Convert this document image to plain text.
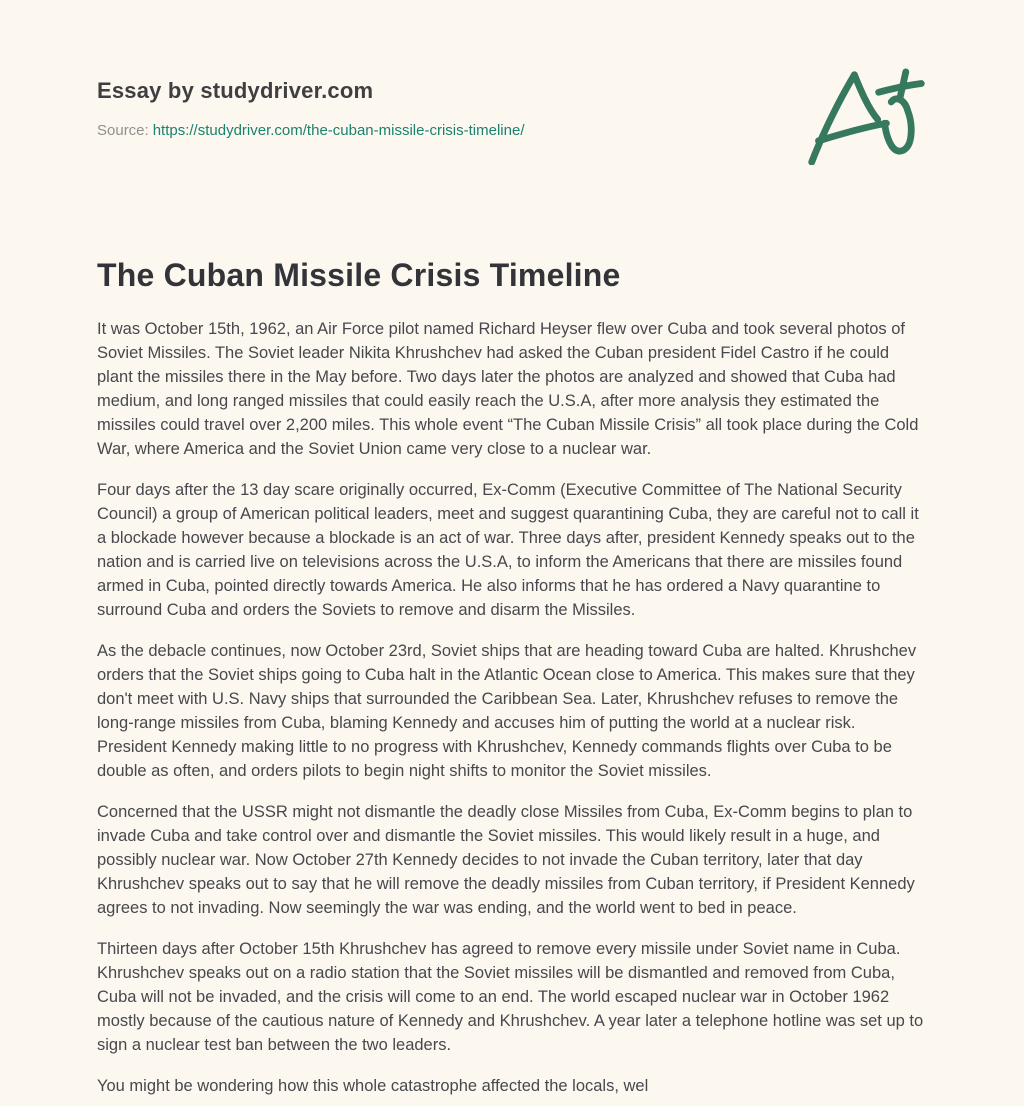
Essay by studydriver.com
Source: https://studydriver.com/the-cuban-missile-crisis-timeline/
The Cuban Missile Crisis Timeline

It was October 15th, 1962, an Air Force pilot named Richard Heyser flew over Cuba and took several photos of Soviet Missiles. The Soviet leader Nikita Khrushchev had asked the Cuban president Fidel Castro if he could plant the missiles there in the May before. Two days later the photos are analyzed and showed that Cuba had medium, and long ranged missiles that could easily reach the U.S.A, after more analysis they estimated the missiles could travel over 2,200 miles. This whole event “The Cuban Missile Crisis” all took place during the Cold War, where America and the Soviet Union came very close to a nuclear war.

Four days after the 13 day scare originally occurred, Ex-Comm (Executive Committee of The National Security Council) a group of American political leaders, meet and suggest quarantining Cuba, they are careful not to call it a blockade however because a blockade is an act of war. Three days after, president Kennedy speaks out to the nation and is carried live on televisions across the U.S.A, to inform the Americans that there are missiles found armed in Cuba, pointed directly towards America. He also informs that he has ordered a Navy quarantine to surround Cuba and orders the Soviets to remove and disarm the Missiles.

As the debacle continues, now October 23rd, Soviet ships that are heading toward Cuba are halted. Khrushchev orders that the Soviet ships going to Cuba halt in the Atlantic Ocean close to America. This makes sure that they don't meet with U.S. Navy ships that surrounded the Caribbean Sea. Later, Khrushchev refuses to remove the long-range missiles from Cuba, blaming Kennedy and accuses him of putting the world at a nuclear risk. President Kennedy making little to no progress with Khrushchev, Kennedy commands flights over Cuba to be double as often, and orders pilots to begin night shifts to monitor the Soviet missiles.

Concerned that the USSR might not dismantle the deadly close Missiles from Cuba, Ex-Comm begins to plan to invade Cuba and take control over and dismantle the Soviet missiles. This would likely result in a huge, and possibly nuclear war. Now October 27th Kennedy decides to not invade the Cuban territory, later that day Khrushchev speaks out to say that he will remove the deadly missiles from Cuban territory, if President Kennedy agrees to not invading. Now seemingly the war was ending, and the world went to bed in peace.

Thirteen days after October 15th Khrushchev has agreed to remove every missile under Soviet name in Cuba. Khrushchev speaks out on a radio station that the Soviet missiles will be dismantled and removed from Cuba, Cuba will not be invaded, and the crisis will come to an end. The world escaped nuclear war in October 1962 mostly because of the cautious nature of Kennedy and Khrushchev. A year later a telephone hotline was set up to sign a nuclear test ban between the two leaders.

You might be wondering how this whole catastrophe affected the locals, wel
